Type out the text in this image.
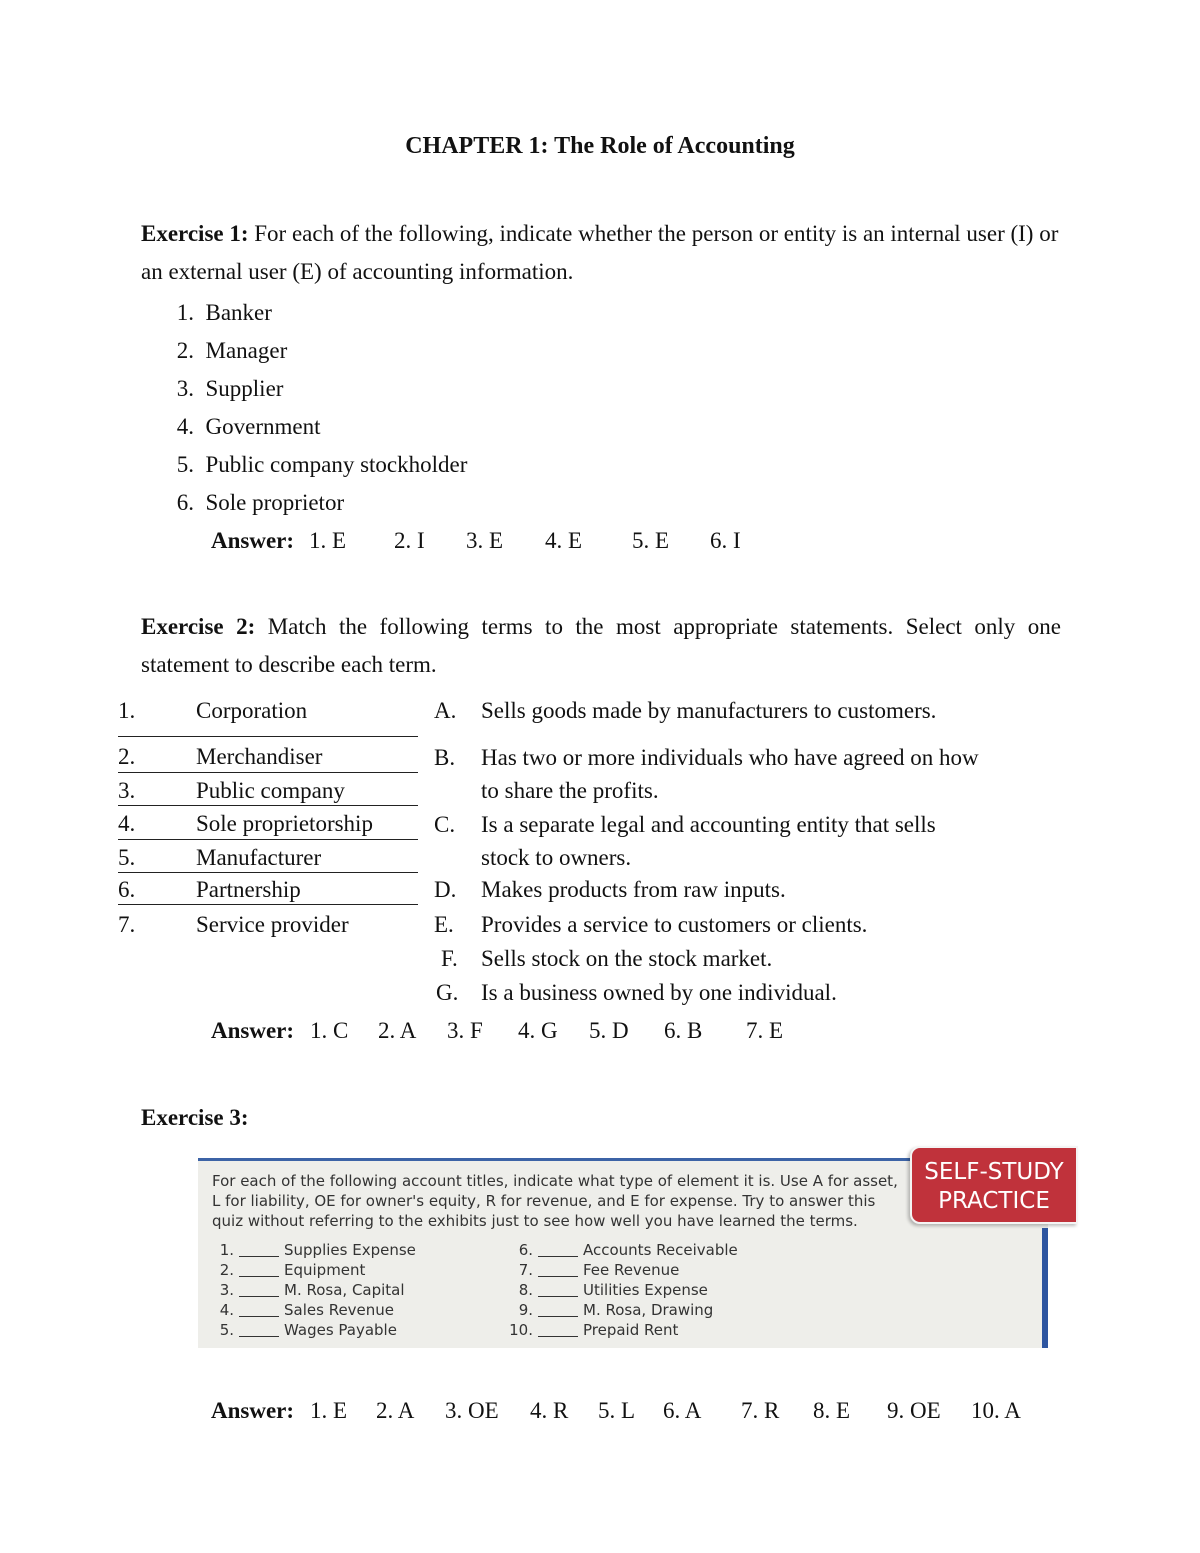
CHAPTER 1: The Role of Accounting
Exercise 1: For each of the following, indicate whether the person or entity is an internal user (I) or an external user (E) of accounting information.
1. Banker
2. Manager
3. Supplier
4. Government
5. Public company stockholder
6. Sole proprietor
Answer: 1. E 2. I 3. E 4. E 5. E 6. I
Exercise 2: Match the following terms to the most appropriate statements. Select only one statement to describe each term.
1.	Corporation
2.	Merchandiser
3.	Public company
4.	Sole proprietorship
5.	Manufacturer
6.	Partnership
7.	Service provider
A. Sells goods made by manufacturers to customers.
B. Has two or more individuals who have agreed on how
to share the profits.
C. Is a separate legal and accounting entity that sells
stock to owners.
D. Makes products from raw inputs.
E. Provides a service to customers or clients.
F. Sells stock on the stock market.
G. Is a business owned by one individual.
Answer: 1. C 2. A 3. F 4. G 5. D 6. B 7. E
Exercise 3:
SELF-STUDY
PRACTICE
For each of the following account titles, indicate what type of element it is. Use A for asset,
L for liability, OE for owner's equity, R for revenue, and E for expense. Try to answer this
quiz without referring to the exhibits just to see how well you have learned the terms.
1.	Supplies Expense
2.	Equipment
3.	M. Rosa, Capital
4.	Sales Revenue
5.	Wages Payable
6.	Accounts Receivable
7.	Fee Revenue
8.	Utilities Expense
9.	M. Rosa, Drawing
10.	Prepaid Rent
Answer: 1. E 2. A 3. OE 4. R 5. L 6. A 7. R 8. E 9. OE 10. A
